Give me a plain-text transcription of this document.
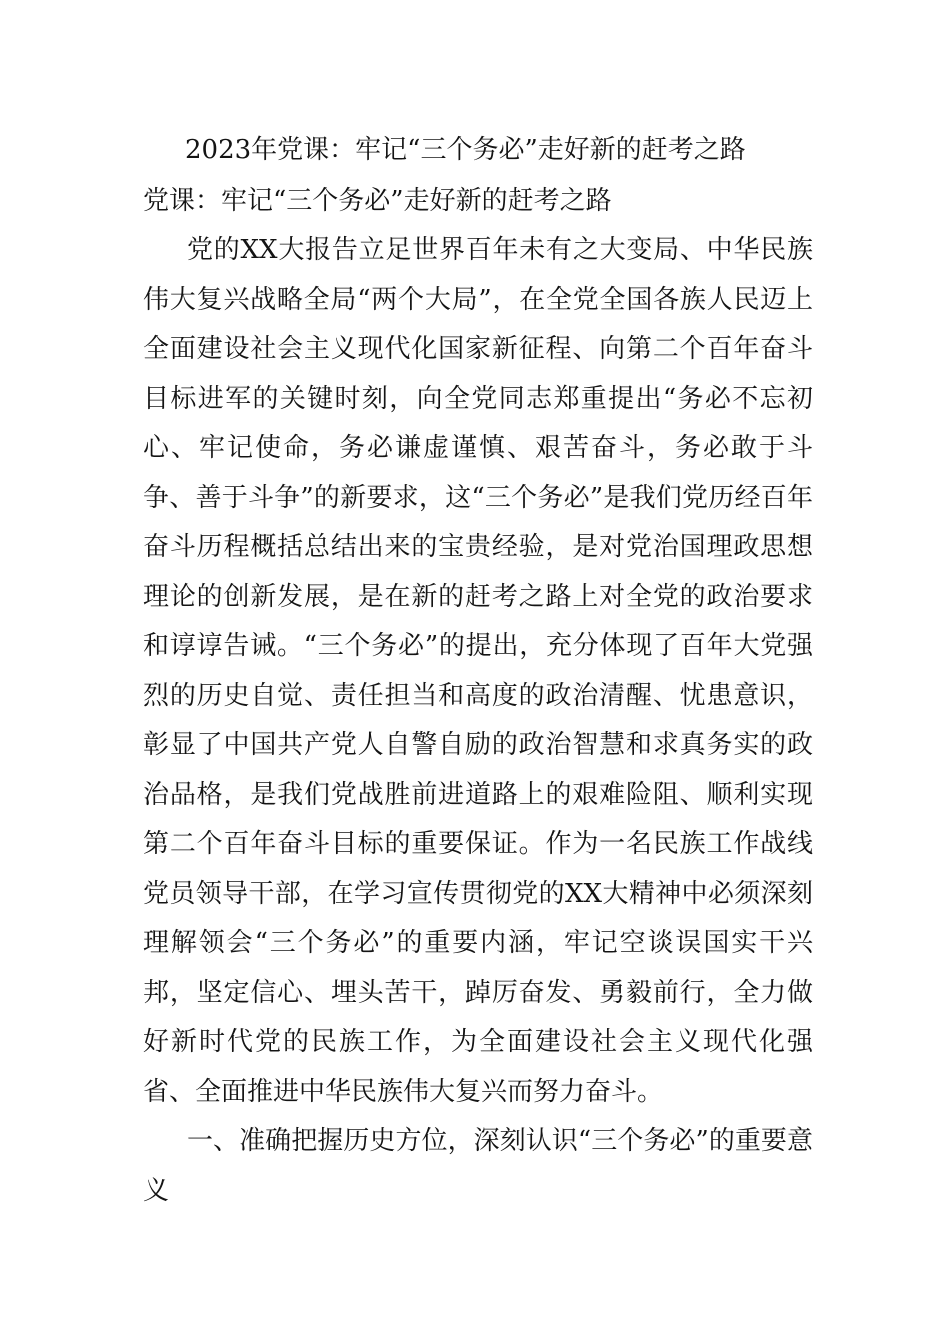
2023年党课：牢记“三个务必”走好新的赶考之路

党课：牢记“三个务必”走好新的赶考之路

党的XX大报告立足世界百年未有之大变局、中华民族伟大复兴战略全局“两个大局”，在全党全国各族人民迈上全面建设社会主义现代化国家新征程、向第二个百年奋斗目标进军的关键时刻，向全党同志郑重提出“务必不忘初心、牢记使命，务必谦虚谨慎、艰苦奋斗，务必敢于斗争、善于斗争”的新要求，这“三个务必”是我们党历经百年奋斗历程概括总结出来的宝贵经验，是对党治国理政思想理论的创新发展，是在新的赶考之路上对全党的政治要求和谆谆告诫。“三个务必”的提出，充分体现了百年大党强烈的历史自觉、责任担当和高度的政治清醒、忧患意识，彰显了中国共产党人自警自励的政治智慧和求真务实的政治品格，是我们党战胜前进道路上的艰难险阻、顺利实现第二个百年奋斗目标的重要保证。作为一名民族工作战线党员领导干部，在学习宣传贯彻党的XX大精神中必须深刻理解领会“三个务必”的重要内涵，牢记空谈误国实干兴邦，坚定信心、埋头苦干，踔厉奋发、勇毅前行，全力做好新时代党的民族工作，为全面建设社会主义现代化强省、全面推进中华民族伟大复兴而努力奋斗。

一、准确把握历史方位，深刻认识“三个务必”的重要意义
